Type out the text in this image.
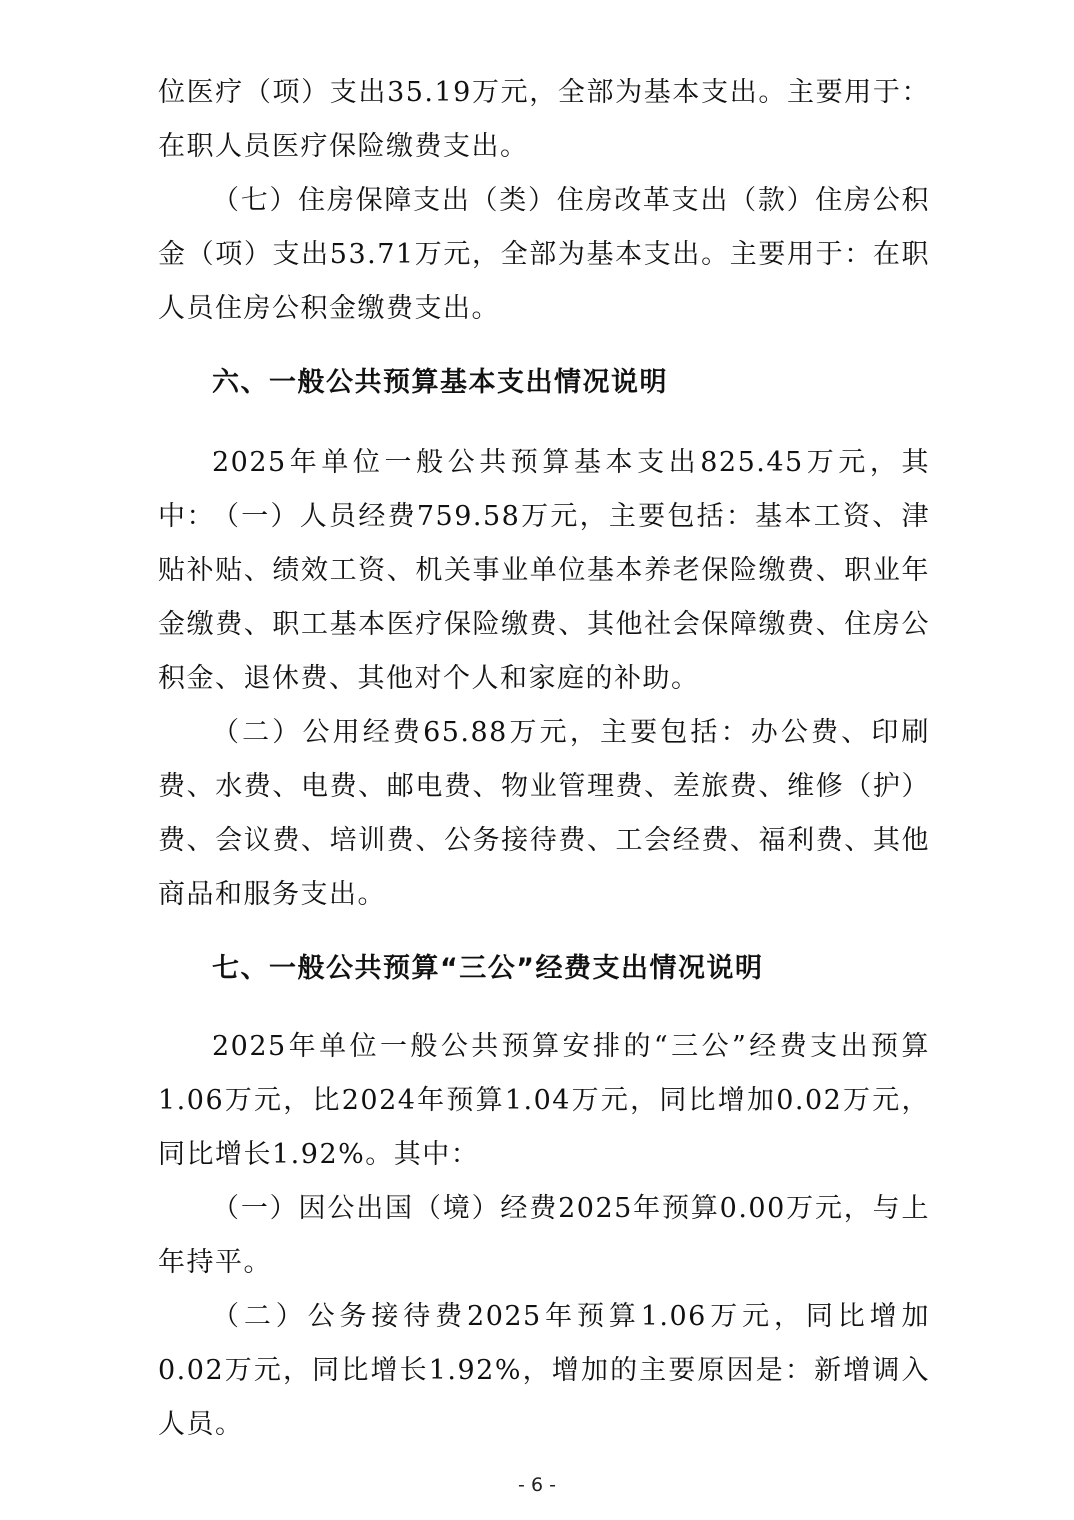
位医疗（项）支出35.19万元，全部为基本支出。主要用于：在职人员医疗保险缴费支出。

（七）住房保障支出（类）住房改革支出（款）住房公积金（项）支出53.71万元，全部为基本支出。主要用于：在职人员住房公积金缴费支出。

六、一般公共预算基本支出情况说明

2025年单位一般公共预算基本支出825.45万元，其中：

（一）人员经费759.58万元，主要包括：基本工资、津贴补贴、绩效工资、机关事业单位基本养老保险缴费、职业年金缴费、职工基本医疗保险缴费、其他社会保障缴费、住房公积金、退休费、其他对个人和家庭的补助。

（二）公用经费65.88万元，主要包括：办公费、印刷费、水费、电费、邮电费、物业管理费、差旅费、维修（护）费、会议费、培训费、公务接待费、工会经费、福利费、其他商品和服务支出。

七、一般公共预算“三公”经费支出情况说明

2025年单位一般公共预算安排的“三公”经费支出预算1.06万元，比2024年预算1.04万元，同比增加0.02万元，同比增长1.92%。其中：

（一）因公出国（境）经费2025年预算0.00万元，与上年持平。

（二）公务接待费2025年预算1.06万元，同比增加0.02万元，同比增长1.92%，增加的主要原因是：新增调入人员。

- 6 -
